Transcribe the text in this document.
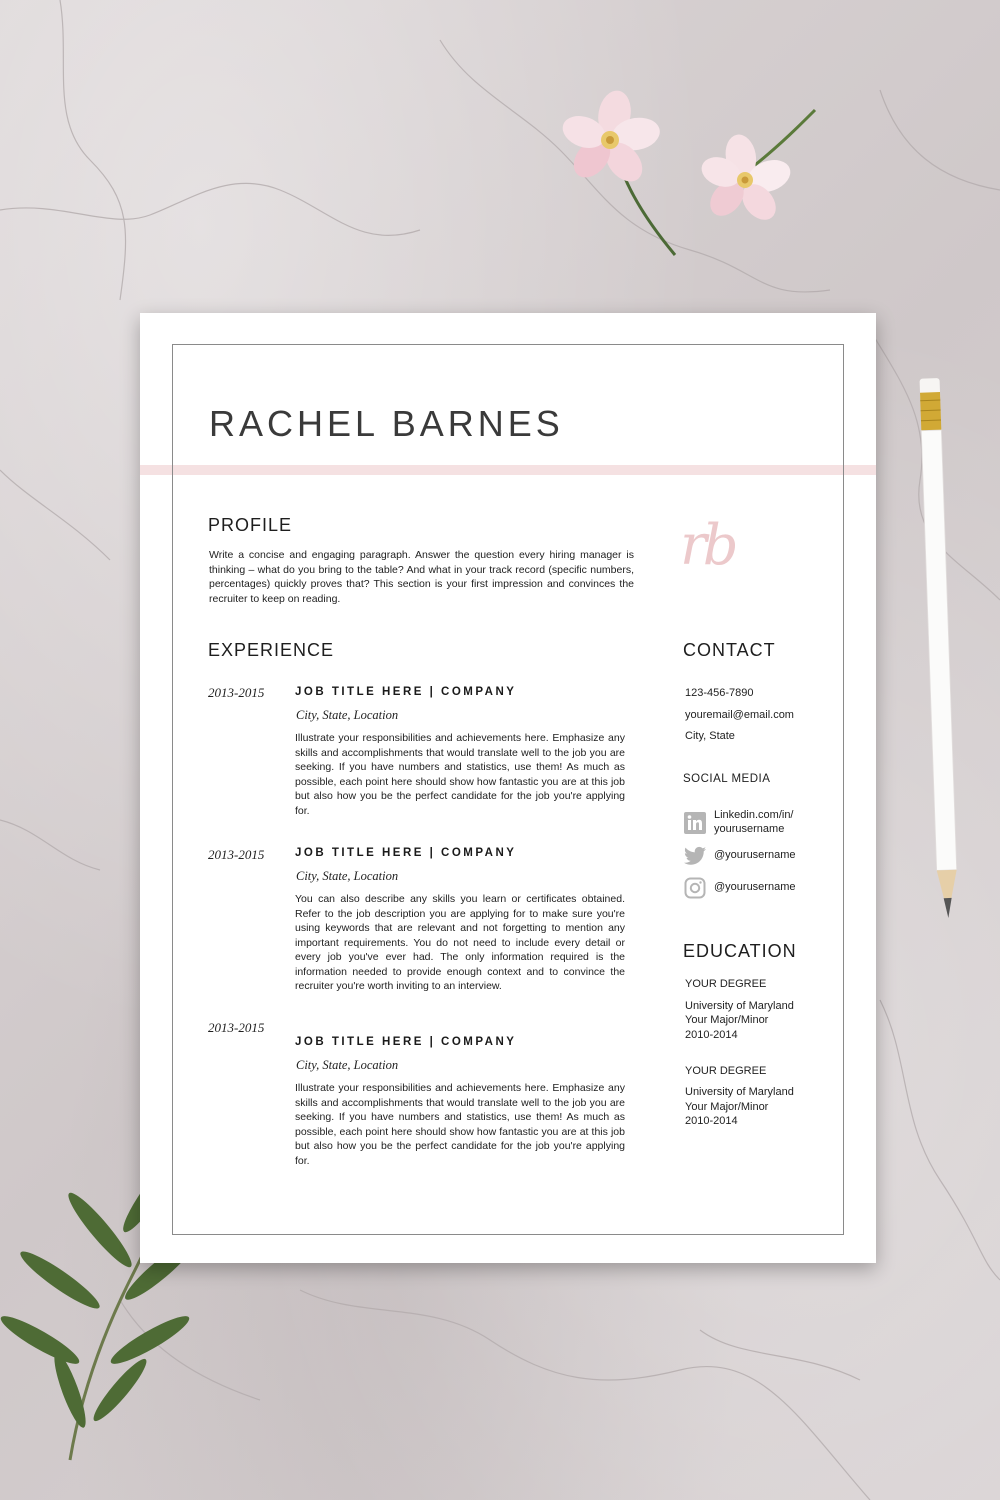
RACHEL BARNES
PROFILE
Write a concise and engaging paragraph. Answer the question every hiring manager is thinking – what do you bring to the table? And what in your track record (specific numbers, percentages) quickly proves that? This section is your first impression and convinces the recruiter to keep on reading.
rb
EXPERIENCE
2013-2015	JOB TITLE HERE | COMPANY
City, State, Location
Illustrate your responsibilities and achievements here. Emphasize any skills and accomplishments that would translate well to the job you are seeking. If you have numbers and statistics, use them! As much as possible, each point here should show how fantastic you are at this job but also how you be the perfect candidate for the job you're applying for.
2013-2015	JOB TITLE HERE | COMPANY
City, State, Location
You can also describe any skills you learn or certificates obtained. Refer to the job description you are applying for to make sure you're using keywords that are relevant and not forgetting to mention any important requirements. You do not need to include every detail or every job you've ever had. The only information required is the information needed to provide enough context and to convince the recruiter you're worth inviting to an interview.
2013-2015
JOB TITLE HERE | COMPANY
City, State, Location
Illustrate your responsibilities and achievements here. Emphasize any skills and accomplishments that would translate well to the job you are seeking. If you have numbers and statistics, use them! As much as possible, each point here should show how fantastic you are at this job but also how you be the perfect candidate for the job you're applying for.
CONTACT
123-456-7890
youremail@email.com
City, State
SOCIAL MEDIA
Linkedin.com/in/
yourusername
@yourusername
@yourusername
EDUCATION
YOUR DEGREE
University of Maryland
Your Major/Minor
2010-2014
YOUR DEGREE
University of Maryland
Your Major/Minor
2010-2014
